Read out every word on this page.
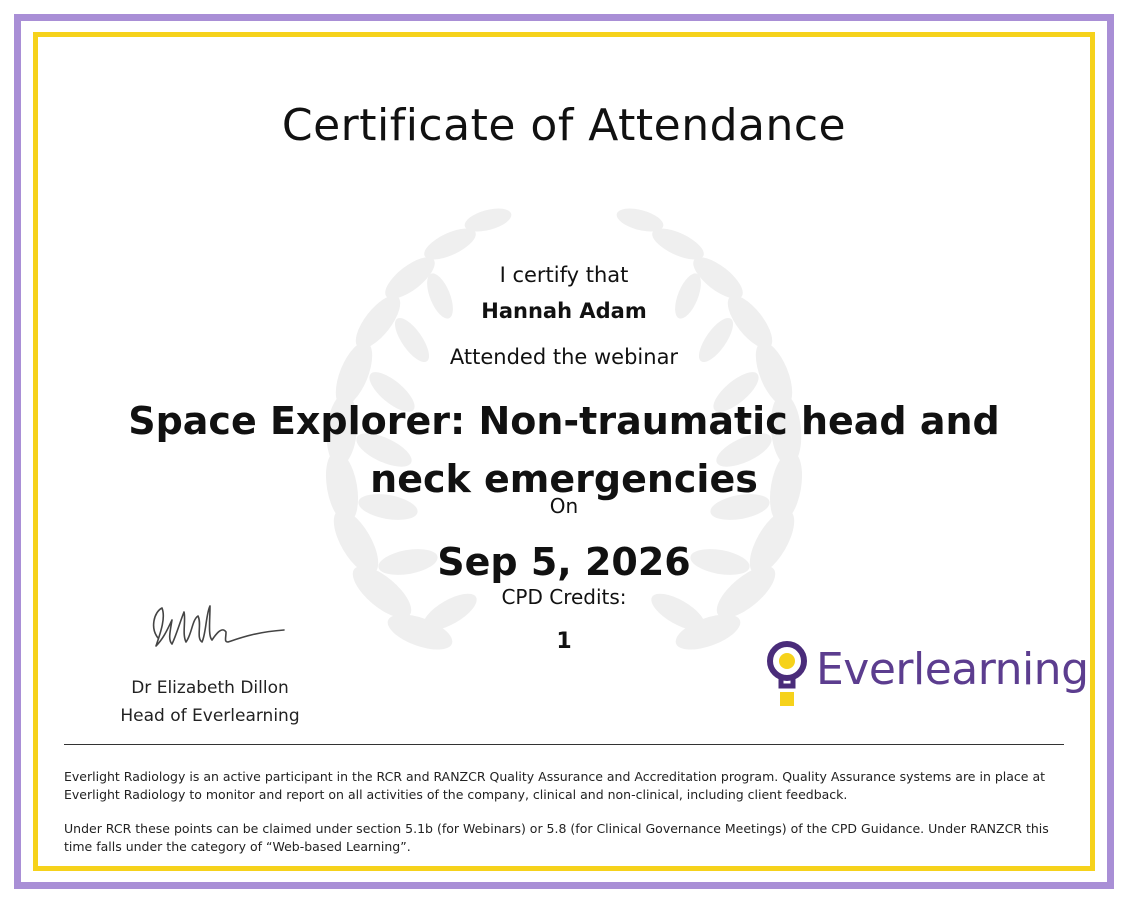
Certificate of Attendance
I certify that
Hannah Adam
Attended the webinar
Space Explorer: Non-traumatic head and neck emergencies
On
Sep 5, 2026
CPD Credits:
1
Dr Elizabeth Dillon
Head of Everlearning
Everlearning
Everlight Radiology is an active participant in the RCR and RANZCR Quality Assurance and Accreditation program. Quality Assurance systems are in place at Everlight Radiology to monitor and report on all activities of the company, clinical and non-clinical, including client feedback.
Under RCR these points can be claimed under section 5.1b (for Webinars) or 5.8 (for Clinical Governance Meetings) of the CPD Guidance. Under RANZCR this time falls under the category of “Web-based Learning”.
